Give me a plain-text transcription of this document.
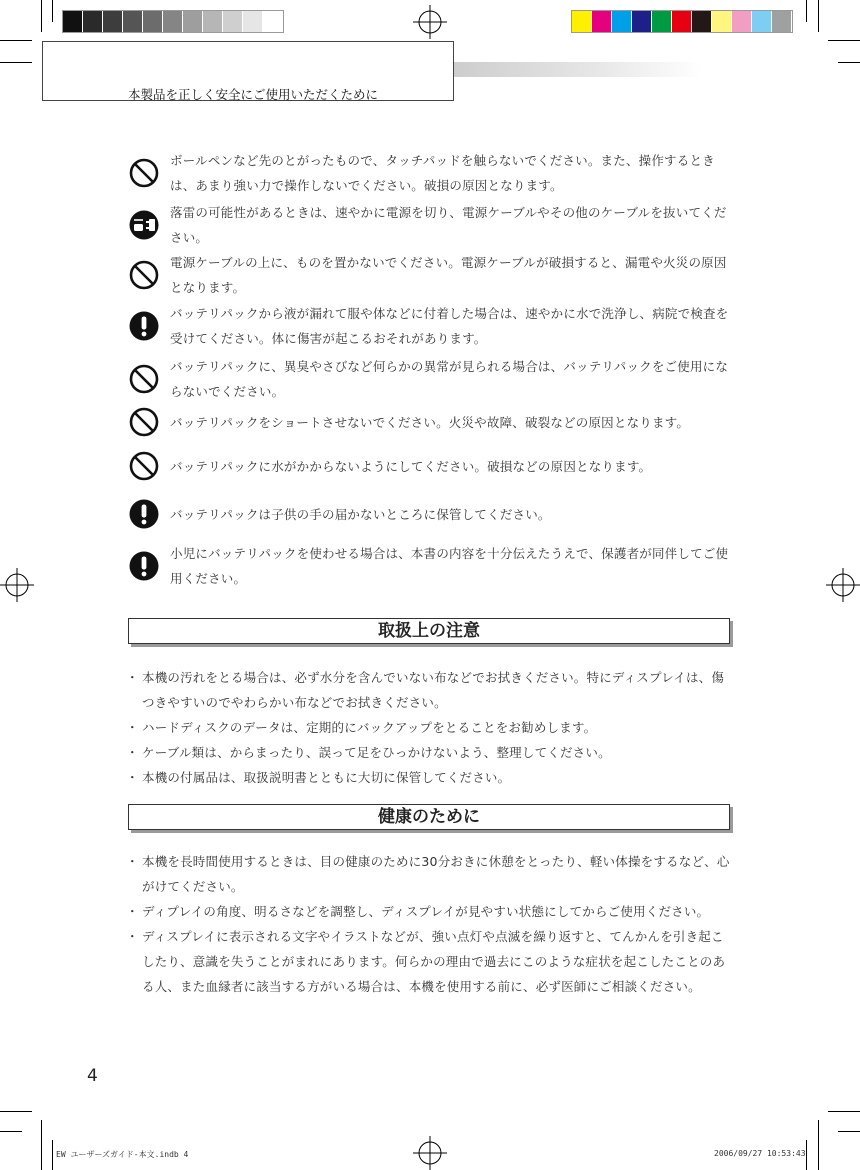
本製品を正しく安全にご使用いただくために
ボールペンなど先のとがったもので、タッチパッドを触らないでください。また、操作するときは、あまり強い力で操作しないでください。破損の原因となります。
落雷の可能性があるときは、速やかに電源を切り、電源ケーブルやその他のケーブルを抜いてください。
電源ケーブルの上に、ものを置かないでください。電源ケーブルが破損すると、漏電や火災の原因となります。
バッテリパックから液が漏れて服や体などに付着した場合は、速やかに水で洗浄し、病院で検査を受けてください。体に傷害が起こるおそれがあります。
バッテリパックに、異臭やさびなど何らかの異常が見られる場合は、バッテリパックをご使用にならないでください。
バッテリパックをショートさせないでください。火災や故障、破裂などの原因となります。
バッテリパックに水がかからないようにしてください。破損などの原因となります。
バッテリパックは子供の手の届かないところに保管してください。
小児にバッテリパックを使わせる場合は、本書の内容を十分伝えたうえで、保護者が同伴してご使用ください。
取扱上の注意
・ 本機の汚れをとる場合は、必ず水分を含んでいない布などでお拭きください。特にディスプレイは、傷つきやすいのでやわらかい布などでお拭きください。
・ ハードディスクのデータは、定期的にバックアップをとることをお勧めします。
・ ケーブル類は、からまったり、誤って足をひっかけないよう、整理してください。
・ 本機の付属品は、取扱説明書とともに大切に保管してください。
健康のために
・ 本機を長時間使用するときは、目の健康のために30分おきに休憩をとったり、軽い体操をするなど、心がけてください。
・ ディプレイの角度、明るさなどを調整し、ディスプレイが見やすい状態にしてからご使用ください。
・ ディスプレイに表示される文字やイラストなどが、強い点灯や点滅を繰り返すと、てんかんを引き起こしたり、意識を失うことがまれにあります。何らかの理由で過去にこのような症状を起こしたことのある人、また血縁者に該当する方がいる場合は、本機を使用する前に、必ず医師にご相談ください。
4
EW ユーザーズガイド-本文.indb 4	2006/09/27 10:53:43
